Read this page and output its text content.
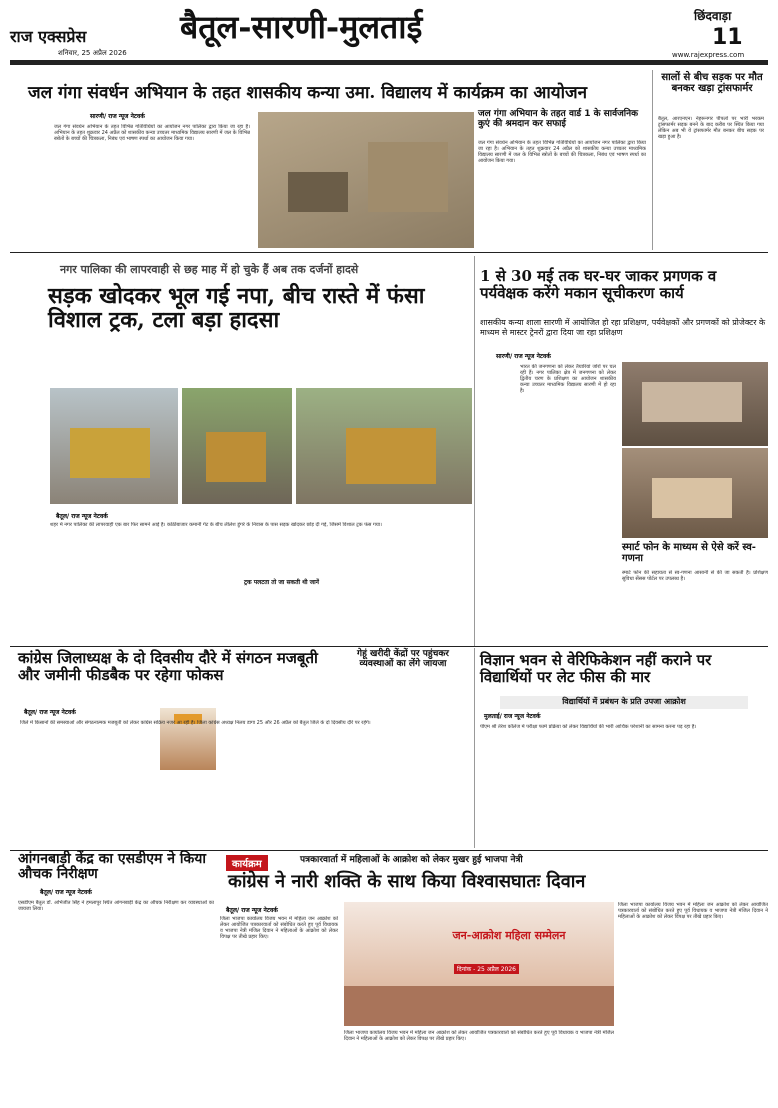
राज एक्सप्रेस
शनिवार, 25 अप्रैल 2026
बैतूल-सारणी-मुलताई	छिंदवाड़ा
11
www.rajexpress.com
जल गंगा संवर्धन अभियान के तहत शासकीय कन्या उमा. विद्यालय में कार्यक्रम का आयोजन
सारणी/ राज न्यूज नेटवर्क
जल गंगा संवर्धन अभियान के तहत विभिन्न गतिविधियों का आयोजन नगर पालिका द्वारा किया जा रहा है। अभियान के तहत शुक्रवार 24 अप्रैल को शासकीय कन्या उच्चतर माध्यमिक विद्यालय सारणी में जल के विभिन्न स्त्रोतों के बच्चों की चित्रकला, निबंध एवं भाषण स्पर्धा का आयोजन किया गया।
जल गंगा अभियान के तहत वार्ड 1 के सार्वजनिक कुएं की श्रमदान कर सफाई
जल गंगा संवर्धन अभियान के तहत विभिन्न गतिविधियों का आयोजन नगर पालिका द्वारा किया जा रहा है। अभियान के तहत शुक्रवार 24 अप्रैल को शासकीय कन्या उच्चतर माध्यमिक विद्यालय सारणी में जल के विभिन्न स्त्रोतों के बच्चों की चित्रकला, निबंध एवं भाषण स्पर्धा का आयोजन किया गया।
सालों से बीच सड़क पर मौत बनकर खड़ा ट्रांसफार्मर
बैतूल, आरएनएन। नेहरूनगर पीपलों पर भारी भरकम ट्रांसफार्मर सड़क बनने के बाद करीब पर स्थित किया गया लेकिन अब भी ये ट्रांसफार्मर मौत बनकर बीच सड़क पर खड़ा हुआ है।
नगर पालिका की लापरवाही से छह माह में हो चुके हैं अब तक दर्जनों हादसे
सड़क खोदकर भूल गई नपा, बीच रास्ते में फंसा विशाल ट्रक, टला बड़ा हादसा
बैतूल/ राज न्यूज नेटवर्क
शहर में नगर पालिका की लापरवाही एक बार फिर सामने आई है। कोठीबाजार कमानी गेट के बीच लीलेश डूंगरे के निवास के पास सड़क खोदकर छोड़ दी गई, जिसमें विशाल ट्रक फंस गया।
ट्रक पलटता तो जा सकती थी जानें
1 से 30 मई तक घर-घर जाकर प्रगणक व पर्यवेक्षक करेंगे मकान सूचीकरण कार्य
शासकीय कन्या शाला सारणी में आयोजित हो रहा प्रशिक्षण, पर्यवेक्षकों और प्रगणकों को प्रोजेक्टर के माध्यम से मास्टर ट्रेनरों द्वारा दिया जा रहा प्रशिक्षण
सारणी/ राज न्यूज नेटवर्क
भारत की जनगणना को लेकर तैयारियां जोरों पर चल रही हैं। नगर पालिका क्षेत्र में जनगणना को लेकर द्वितीय चरण के प्रशिक्षण का आयोजन शासकीय कन्या उच्चतर माध्यमिक विद्यालय सारणी में हो रहा है।
स्मार्ट फोन के माध्यम से ऐसे करें स्व-गणना
स्मार्ट फोन की सहायता से स्व-गणना आसानी से की जा सकती है। प्रशिक्षण सुविधा सेंसस पोर्टल पर उपलब्ध है।
कांग्रेस जिलाध्यक्ष के दो दिवसीय दौरे में संगठन मजबूती और जमीनी फीडबैक पर रहेगा फोकस
गेहूं खरीदी केंद्रों पर पहुंचकर व्यवस्थाओं का लेंगे जायजा
बैतूल/ राज न्यूज नेटवर्क
जिले में किसानों की समस्याओं और संगठनात्मक मजबूती को लेकर कांग्रेस सक्रिय नजर आ रही है। जिला कांग्रेस अध्यक्ष निलय डागा 25 और 26 अप्रैल को बैतूल जिले के दो दिवसीय दौरे पर रहेंगे।
विज्ञान भवन से वेरिफिकेशन नहीं कराने पर विद्यार्थियों पर लेट फीस की मार
विद्यार्थियों में प्रबंधन के प्रति उपजा आक्रोश
मुलताई/ राज न्यूज नेटवर्क
पीएम श्री तेरेश कॉलेज में परीक्षा फार्म प्रक्रिया को लेकर विद्यार्थियों की भारी आर्थिक परेशानी का सामना करना पड़ रहा है।
आंगनबाड़ी केंद्र का एसडीएम ने किया औचक निरीक्षण
बैतूल/ राज न्यूज नेटवर्क
एसडीएम बैतूल डॉ. अभिजीत सिंह ने हमलापुर स्थित आंगनबाड़ी केंद्र का औचक निरीक्षण कर व्यवस्थाओं का जायजा लिया।
कार्यक्रम	पत्रकारवार्ता में महिलाओं के आक्रोश को लेकर मुखर हुई भाजपा नेत्री
कांग्रेस ने नारी शक्ति के साथ किया विश्वासघातः दिवान
बैतूल/ राज न्यूज नेटवर्क
जिला भाजपा कार्यालय विजय भवन में महिला जन आक्रोश को लेकर आयोजित पत्रकारवार्ता को संबोधित करते हुए पूर्व विधायक व भाजपा नेत्री मंजिल दिवान ने महिलाओं के आक्रोश को लेकर विपक्ष पर तीखे प्रहार किए।	जन-आक्रोश महिला सम्मेलन
दिनांक - 25 अप्रैल 2026
जिला भाजपा कार्यालय विजय भवन में महिला जन आक्रोश को लेकर आयोजित पत्रकारवार्ता को संबोधित करते हुए पूर्व विधायक व भाजपा नेत्री मंजिल दिवान ने महिलाओं के आक्रोश को लेकर विपक्ष पर तीखे प्रहार किए।
जिला भाजपा कार्यालय विजय भवन में महिला जन आक्रोश को लेकर आयोजित पत्रकारवार्ता को संबोधित करते हुए पूर्व विधायक व भाजपा नेत्री मंजिल दिवान ने महिलाओं के आक्रोश को लेकर विपक्ष पर तीखे प्रहार किए।
